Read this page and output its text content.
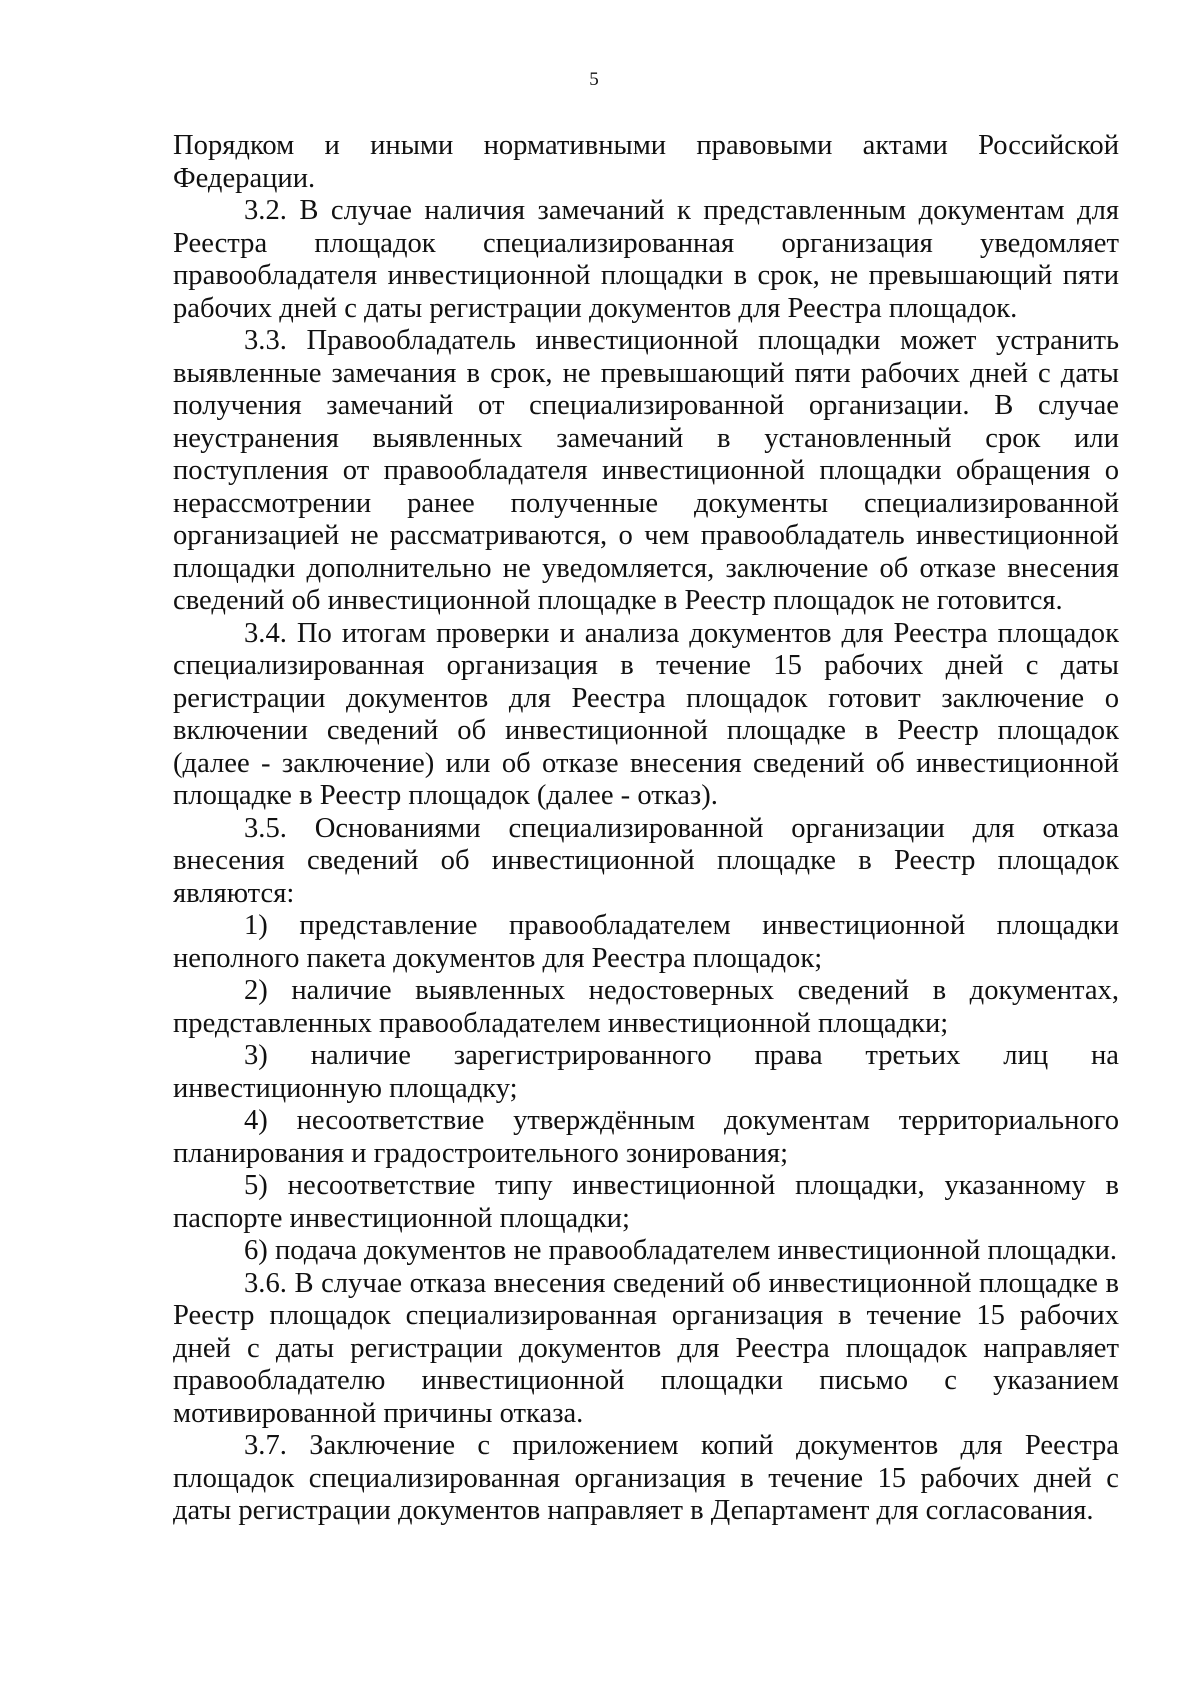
5

Порядком и иными нормативными правовыми актами Российской Федерации.

3.2. В случае наличия замечаний к представленным документам для Реестра площадок специализированная организация уведомляет правообладателя инвестиционной площадки в срок, не превышающий пяти рабочих дней с даты регистрации документов для Реестра площадок.

3.3. Правообладатель инвестиционной площадки может устранить выявленные замечания в срок, не превышающий пяти рабочих дней с даты получения замечаний от специализированной организации. В случае неустранения выявленных замечаний в установленный срок или поступления от правообладателя инвестиционной площадки обращения о нерассмотрении ранее полученные документы специализированной организацией не рассматриваются, о чем правообладатель инвестиционной площадки дополнительно не уведомляется, заключение об отказе внесения сведений об инвестиционной площадке в Реестр площадок не готовится.

3.4. По итогам проверки и анализа документов для Реестра площадок специализированная организация в течение 15 рабочих дней с даты регистрации документов для Реестра площадок готовит заключение о включении сведений об инвестиционной площадке в Реестр площадок (далее - заключение) или об отказе внесения сведений об инвестиционной площадке в Реестр площадок (далее - отказ).

3.5. Основаниями специализированной организации для отказа внесения сведений об инвестиционной площадке в Реестр площадок являются:

1) представление правообладателем инвестиционной площадки неполного пакета документов для Реестра площадок;

2) наличие выявленных недостоверных сведений в документах, представленных правообладателем инвестиционной площадки;

3) наличие зарегистрированного права третьих лиц на инвестиционную площадку;

4) несоответствие утверждённым документам территориального планирования и градостроительного зонирования;

5) несоответствие типу инвестиционной площадки, указанному в паспорте инвестиционной площадки;

6) подача документов не правообладателем инвестиционной площадки.

3.6. В случае отказа внесения сведений об инвестиционной площадке в Реестр площадок специализированная организация в течение 15 рабочих дней с даты регистрации документов для Реестра площадок направляет правообладателю инвестиционной площадки письмо с указанием мотивированной причины отказа.

3.7. Заключение с приложением копий документов для Реестра площадок специализированная организация в течение 15 рабочих дней с даты регистрации документов направляет в Департамент для согласования.
